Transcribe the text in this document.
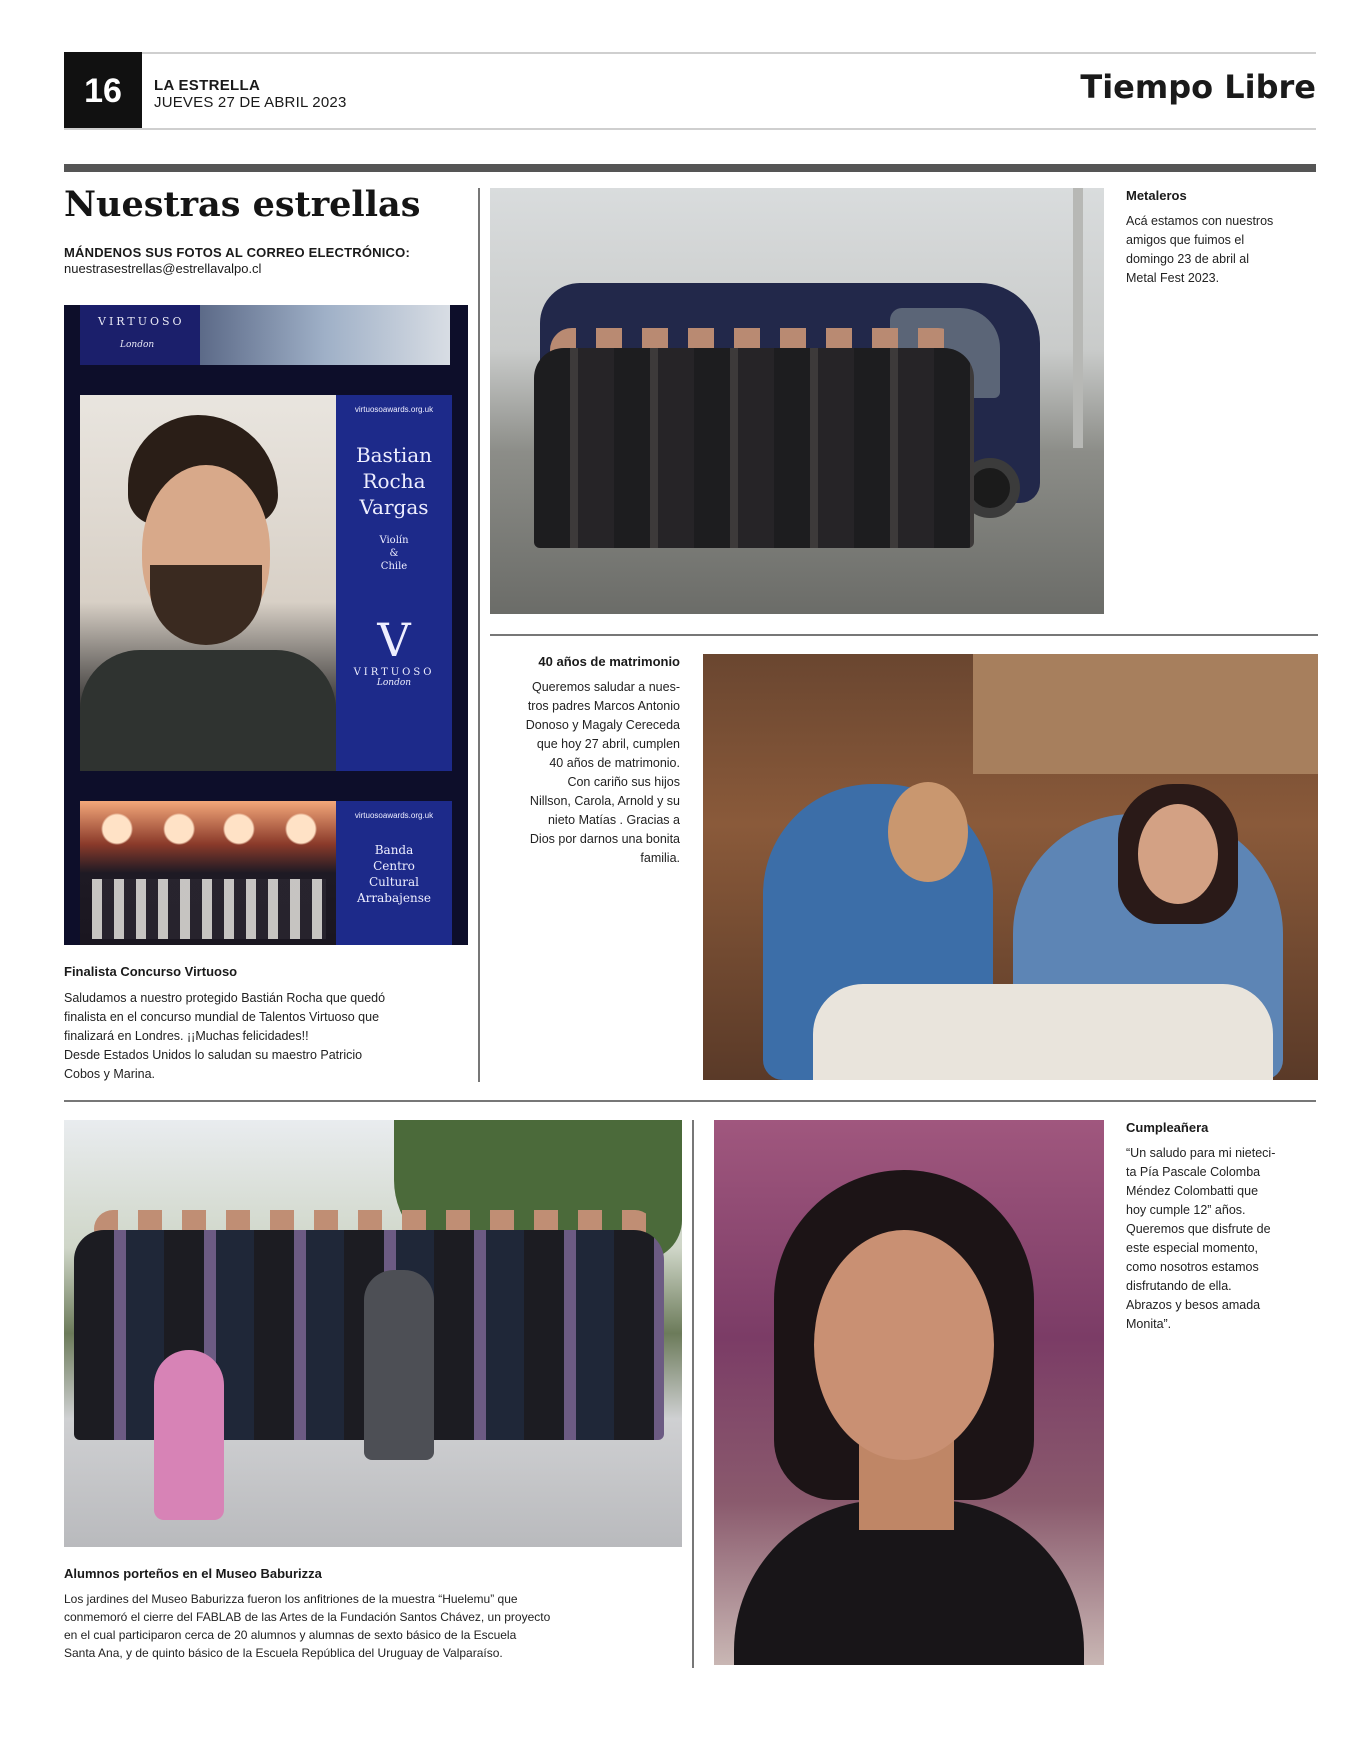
16	LA ESTRELLA
JUEVES 27 DE ABRIL 2023	Tiempo Libre
Nuestras estrellas
MÁNDENOS SUS FOTOS AL CORREO ELECTRÓNICO:
nuestrasestrellas@estrellavalpo.cl
VIRTUOSO
London
virtuosoawards.org.uk
Bastian
Rocha
Vargas
Violín
&
Chile
V
VIRTUOSO
London
virtuosoawards.org.uk
Banda
Centro
Cultural
Arrabajense
Finalista Concurso Virtuoso
Saludamos a nuestro protegido Bastián Rocha que quedó
finalista en el concurso mundial de Talentos Virtuoso que
finalizará en Londres. ¡¡Muchas felicidades!!
Desde Estados Unidos lo saludan su maestro Patricio
Cobos y Marina.
Metaleros
Acá estamos con nuestros
amigos que fuimos el
domingo 23 de abril al
Metal Fest 2023.
40 años de matrimonio
Queremos saludar a nues-
tros padres Marcos Antonio
Donoso y Magaly Cereceda
que hoy 27 abril, cumplen
40 años de matrimonio.
Con cariño sus hijos
Nillson, Carola, Arnold y su
nieto Matías . Gracias a
Dios por darnos una bonita
familia.
Alumnos porteños en el Museo Baburizza
Los jardines del Museo Baburizza fueron los anfitriones de la muestra “Huelemu” que
conmemoró el cierre del FABLAB de las Artes de la Fundación Santos Chávez, un proyecto
en el cual participaron cerca de 20 alumnos y alumnas de sexto básico de la Escuela
Santa Ana, y de quinto básico de la Escuela República del Uruguay de Valparaíso.
Cumpleañera
“Un saludo para mi nieteci-
ta Pía Pascale Colomba
Méndez Colombatti que
hoy cumple 12” años.
Queremos que disfrute de
este especial momento,
como nosotros estamos
disfrutando de ella.
Abrazos y besos amada
Monita”.
